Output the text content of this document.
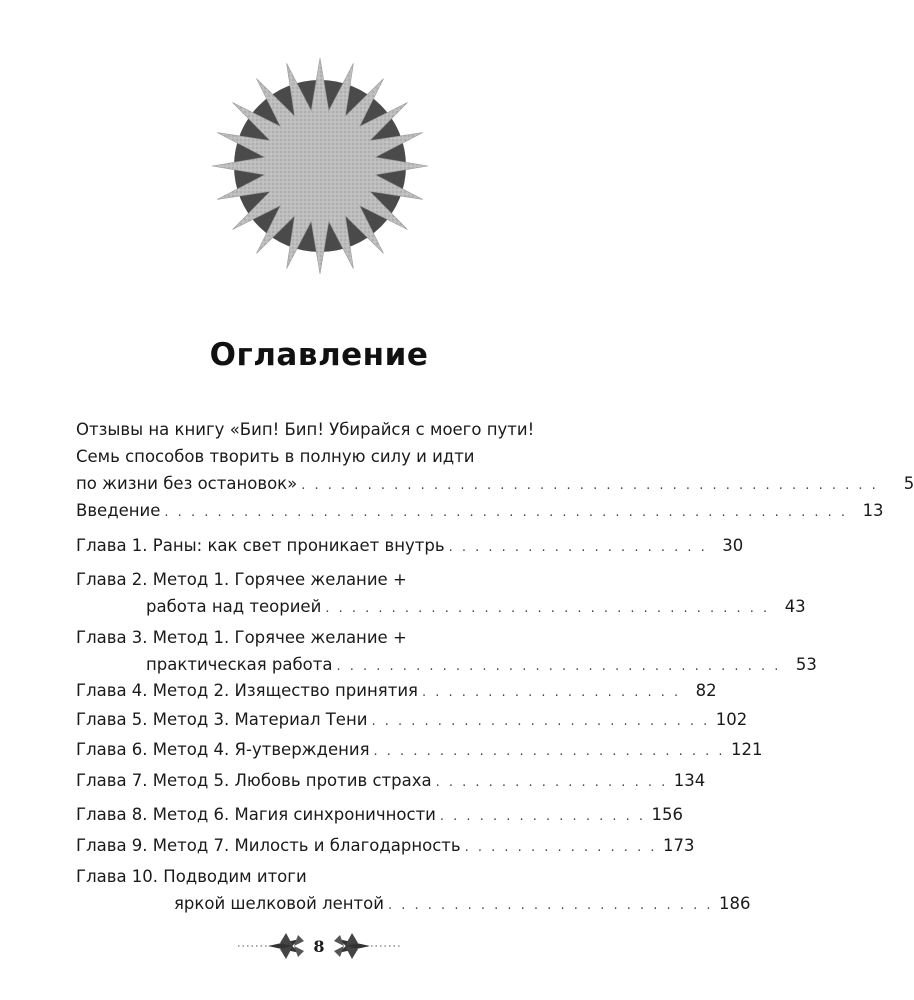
Оглавление
Отзывы на книгу «Бип! Бип! Убирайся с моего пути!
Семь способов творить в полную силу и идти
по жизни без остановок» . . . . . . . . . . . . . . . . . . . . . . . . . . . . . . . . . . . . . . . . . . . .	5
Введение . . . . . . . . . . . . . . . . . . . . . . . . . . . . . . . . . . . . . . . . . . . . . . . . . . . . 13
Глава 1. Раны: как свет проникает внутрь . . . . . . . . . . . . . . . . . . . . 30
Глава 2. Метод 1. Горячее желание +
работа над теорией . . . . . . . . . . . . . . . . . . . . . . . . . . . . . . . . . . 43
Глава 3. Метод 1. Горячее желание +
практическая работа . . . . . . . . . . . . . . . . . . . . . . . . . . . . . . . . . . 53
Глава 4. Метод 2. Изящество принятия . . . . . . . . . . . . . . . . . . . . 82
Глава 5. Метод 3. Материал Тени . . . . . . . . . . . . . . . . . . . . . . . . . . 102
Глава 6. Метод 4. Я-утверждения . . . . . . . . . . . . . . . . . . . . . . . . . . . 121
Глава 7. Метод 5. Любовь против страха . . . . . . . . . . . . . . . . . . 134
Глава 8. Метод 6. Магия синхроничности . . . . . . . . . . . . . . . . 156
Глава 9. Метод 7. Милость и благодарность . . . . . . . . . . . . . . . 173
Глава 10. Подводим итоги
яркой шелковой лентой . . . . . . . . . . . . . . . . . . . . . . . . . 186
8
